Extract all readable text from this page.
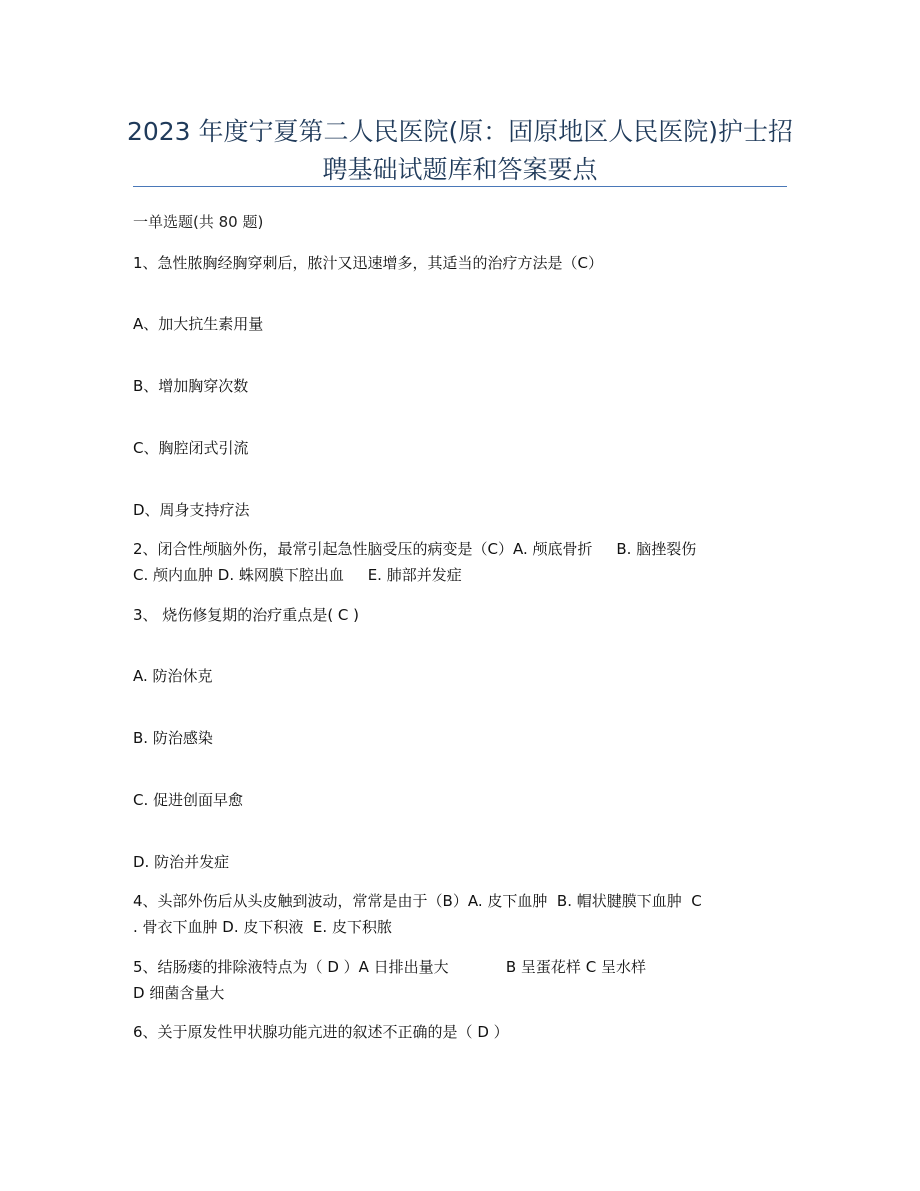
2023 年度宁夏第二人民医院(原：固原地区人民医院)护士招
聘基础试题库和答案要点
一单选题(共 80 题)
1、急性脓胸经胸穿刺后，脓汁又迅速增多，其适当的治疗方法是（C）
A、加大抗生素用量
B、增加胸穿次数
C、胸腔闭式引流
D、周身支持疗法
2、闭合性颅脑外伤，最常引起急性脑受压的病变是（C）A. 颅底骨折     B. 脑挫裂伤
C. 颅内血肿 D. 蛛网膜下腔出血     E. 肺部并发症
3、 烧伤修复期的治疗重点是( C )
A. 防治休克
B. 防治感染
C. 促进创面早愈
D. 防治并发症
4、头部外伤后从头皮触到波动，常常是由于（B）A. 皮下血肿  B. 帽状腱膜下血肿  C
. 骨衣下血肿 D. 皮下积液  E. 皮下积脓
5、结肠瘘的排除液特点为（ D ）A 日排出量大            B 呈蛋花样 C 呈水样
D 细菌含量大
6、关于原发性甲状腺功能亢进的叙述不正确的是（ D ）
